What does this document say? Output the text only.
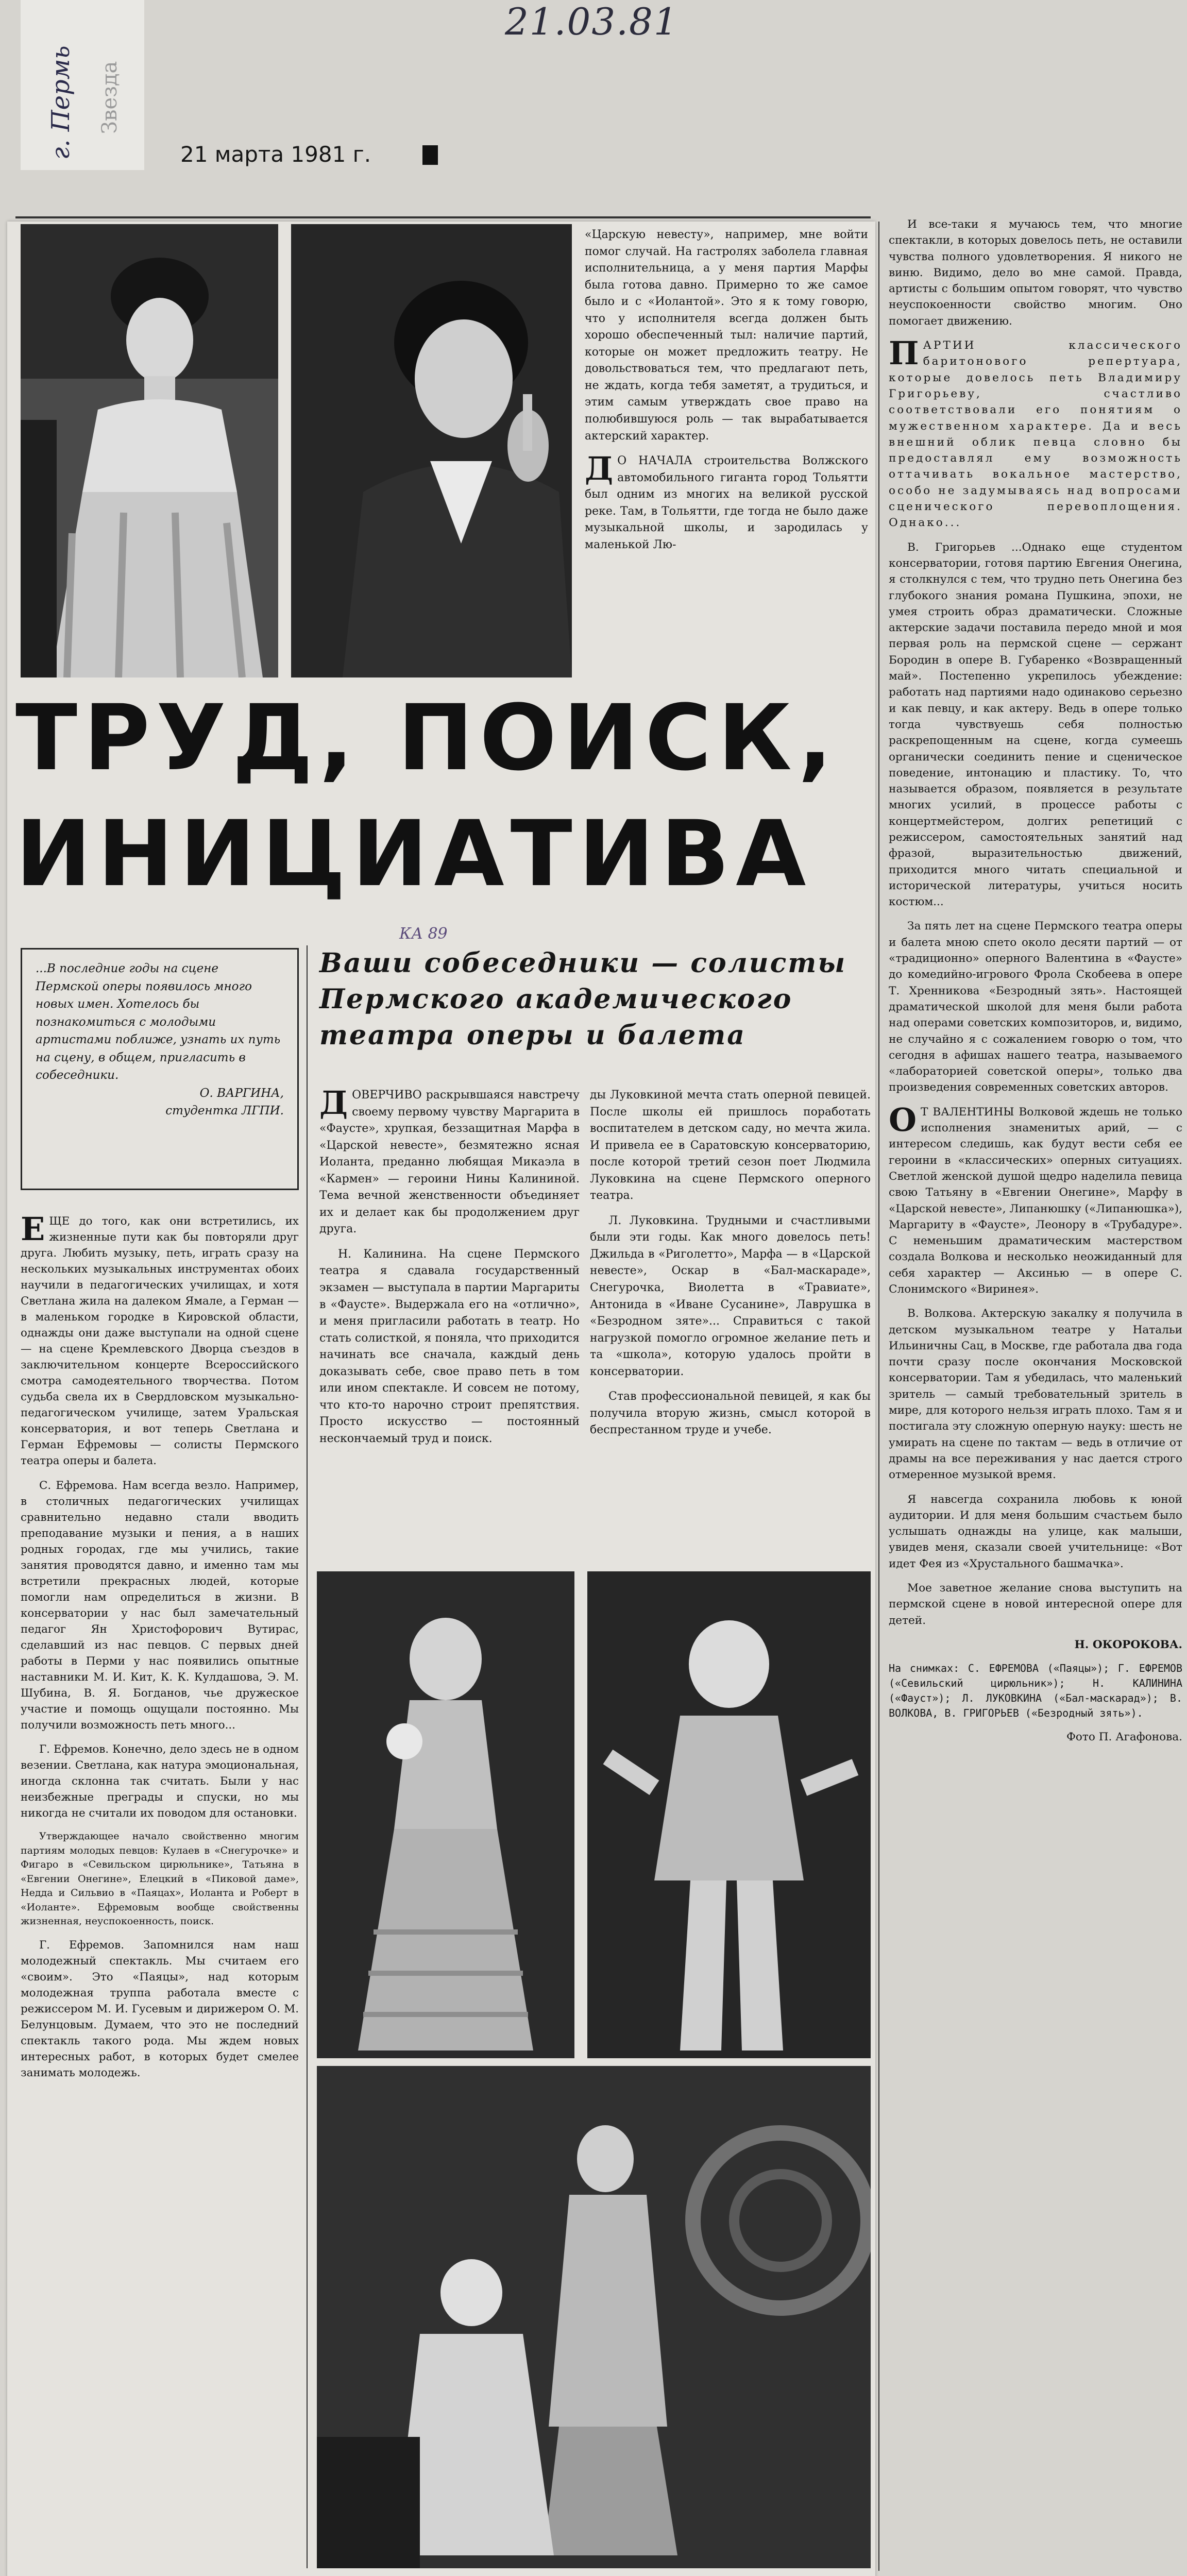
г. Пермь Звезда
21.03.81
21 марта 1981 г.

«Царскую невесту», например, мне войти помог случай. На гастролях заболела главная исполнительница, а у меня партия Марфы была готова давно. Примерно то же самое было и с «Иолантой». Это я к тому говорю, что у исполнителя всегда должен быть хорошо обеспеченный тыл: наличие партий, которые он может предложить театру. Не довольствоваться тем, что предлагают петь, не ждать, когда тебя заметят, а трудиться, и этим самым утверждать свое право на полюбившуюся роль — так вырабатывается актерский характер.

Д О НАЧАЛА строительства Волжского автомобильного гиганта город Тольятти был одним из многих на великой русской реке. Там, в Тольятти, где тогда не было даже музыкальной школы, и зародилась у маленькой Лю-

И все-таки я мучаюсь тем, что многие спектакли, в которых довелось петь, не оставили чувства полного удовлетворения. Я никого не виню. Видимо, дело во мне самой. Правда, артисты с большим опытом говорят, что чувство неуспокоенности свойство многим. Оно помогает движению.

ПАРТИИ классического баритонового репертуара, которые довелось петь Владимиру Григорьеву, счастливо соответствовали его понятиям о мужественном характере. Да и весь внешний облик певца словно бы предоставлял ему возможность оттачивать вокальное мастерство, особо не задумываясь над вопросами сценического перевоплощения. Однако...

В. Григорьев ...Однако еще студентом консерватории, готовя партию Евгения Онегина, я столкнулся с тем, что трудно петь Онегина без глубокого знания романа Пушкина, эпохи, не умея строить образ драматически. Сложные актерские задачи поставила передо мной и моя первая роль на пермской сцене — сержант Бородин в опере В. Губаренко «Возвращенный май». Постепенно укрепилось убеждение: работать над партиями надо одинаково серьезно и как певцу, и как актеру. Ведь в опере только тогда чувствуешь себя полностью раскрепощенным на сцене, когда сумеешь органически соединить пение и сценическое поведение, интонацию и пластику. То, что называется образом, появляется в результате многих усилий, в процессе работы с концертмейстером, долгих репетиций с режиссером, самостоятельных занятий над фразой, выразительностью движений, приходится много читать специальной и исторической литературы, учиться носить костюм...

За пять лет на сцене Пермского театра оперы и балета мною спето около десяти партий — от «традиционно» оперного Валентина в «Фаусте» до комедийно-игрового Фрола Скобеева в опере Т. Хренникова «Безродный зять». Настоящей драматической школой для меня были работа над операми советских композиторов, и, видимо, не случайно я с сожалением говорю о том, что сегодня в афишах нашего театра, называемого «лабораторией советской оперы», только два произведения современных советских авторов.

О Т ВАЛЕНТИНЫ Волковой ждешь не только исполнения знаменитых арий, — с интересом следишь, как будут вести себя ее героини в «классических» оперных ситуациях. Светлой женской душой щедро наделила певица свою Татьяну в «Евгении Онегине», Марфу в «Царской невесте», Липанюшку («Липанюшка»), Маргариту в «Фаусте», Леонору в «Трубадуре». С неменьшим драматическим мастерством создала Волкова и несколько неожиданный для себя характер — Аксинью — в опере С. Слонимского «Виринея».

В. Волкова. Актерскую закалку я получила в детском музыкальном театре у Натальи Ильиничны Сац, в Москве, где работала два года почти сразу после окончания Московской консерватории. Там я убедилась, что маленький зритель — самый требовательный зритель в мире, для которого нельзя играть плохо. Там я и постигала эту сложную оперную науку: шесть не умирать на сцене по тактам — ведь в отличие от драмы на все переживания у нас дается строго отмеренное музыкой время.

Я навсегда сохранила любовь к юной аудитории. И для меня большим счастьем было услышать однажды на улице, как малыши, увидев меня, сказали своей учительнице: «Вот идет Фея из «Хрустального башмачка».

Мое заветное желание снова выступить на пермской сцене в новой интересной опере для детей.

Н. ОКОРОКОВА.

На снимках: С. ЕФРЕМОВА («Паяцы»); Г. ЕФРЕМОВ («Севильский цирюльник»); Н. КАЛИНИНА («Фауст»); Л. ЛУКОВКИНА («Бал-маскарад»); В. ВОЛКОВА, В. ГРИГОРЬЕВ («Безродный зять»).

Фото П. Агафонова.

ТРУД, ПОИСК,
ИНИЦИАТИВА
Ваши собеседники — солисты
Пермского академического
театра оперы и балета
КА 89
...В последние годы на сцене Пермской оперы появилось много новых имен. Хотелось бы познакомиться с молодыми артистами поближе, узнать их путь на сцену, в общем, пригласить в собеседники.
О. ВАРГИНА,
студентка ЛГПИ.

ЕЩЕ до того, как они встретились, их жизненные пути как бы повторяли друг друга. Любить музыку, петь, играть сразу на нескольких музыкальных инструментах обоих научили в педагогических училищах, и хотя Светлана жила на далеком Ямале, а Герман — в маленьком городке в Кировской области, однажды они даже выступали на одной сцене — на сцене Кремлевского Дворца съездов в заключительном концерте Всероссийского смотра самодеятельного творчества. Потом судьба свела их в Свердловском музыкально-педагогическом училище, затем Уральская консерватория, и вот теперь Светлана и Герман Ефремовы — солисты Пермского театра оперы и балета.

С. Ефремова. Нам всегда везло. Например, в столичных педагогических училищах сравнительно недавно стали вводить преподавание музыки и пения, а в наших родных городах, где мы учились, такие занятия проводятся давно, и именно там мы встретили прекрасных людей, которые помогли нам определиться в жизни. В консерватории у нас был замечательный педагог Ян Христофорович Вутирас, сделавший из нас певцов. С первых дней работы в Перми у нас появились опытные наставники М. И. Кит, К. К. Кулдашова, Э. М. Шубина, В. Я. Богданов, чье дружеское участие и помощь ощущали постоянно. Мы получили возможность петь много...

Г. Ефремов. Конечно, дело здесь не в одном везении. Светлана, как натура эмоциональная, иногда склонна так считать. Были у нас неизбежные преграды и спуски, но мы никогда не считали их поводом для остановки.

Утверждающее начало свойственно многим партиям молодых певцов: Кулаев в «Снегурочке» и Фигаро в «Севильском цирюльнике», Татьяна в «Евгении Онегине», Елецкий в «Пиковой даме», Недда и Сильвио в «Паяцах», Иоланта и Роберт в «Иоланте». Ефремовым вообще свойственны жизненная, неуспокоенность, поиск.

Г. Ефремов. Запомнился нам наш молодежный спектакль. Мы считаем его «своим». Это «Паяцы», над которым молодежная труппа работала вместе с режиссером М. И. Гусевым и дирижером О. М. Белунцовым. Думаем, что это не последний спектакль такого рода. Мы ждем новых интересных работ, в которых будет смелее занимать молодежь.

ДОВЕРЧИВО раскрывшаяся навстречу своему первому чувству Маргарита в «Фаусте», хрупкая, беззащитная Марфа в «Царской невесте», безмятежно ясная Иоланта, преданно любящая Микаэла в «Кармен» — героини Нины Калининой. Тема вечной женственности объединяет их и делает как бы продолжением друг друга.

Н. Калинина. На сцене Пермского театра я сдавала государственный экзамен — выступала в партии Маргариты в «Фаусте». Выдержала его на «отлично», и меня пригласили работать в театр. Но стать солисткой, я поняла, что приходится начинать все сначала, каждый день доказывать себе, свое право петь в том или ином спектакле. И совсем не потому, что кто-то нарочно строит препятствия. Просто искусство — постоянный нескончаемый труд и поиск.

ды Луковкиной мечта стать оперной певицей. После школы ей пришлось поработать воспитателем в детском саду, но мечта жила. И привела ее в Саратовскую консерваторию, после которой третий сезон поет Людмила Луковкина на сцене Пермского оперного театра.

Л. Луковкина. Трудными и счастливыми были эти годы. Как много довелось петь! Джильда в «Риголетто», Марфа — в «Царской невесте», Оскар в «Бал-маскараде», Снегурочка, Виолетта в «Травиате», Антонида в «Иване Сусанине», Лаврушка в «Безродном зяте»... Справиться с такой нагрузкой помогло огромное желание петь и та «школа», которую удалось пройти в консерватории.

Став профессиональной певицей, я как бы получила вторую жизнь, смысл которой в беспрестанном труде и учебе.
